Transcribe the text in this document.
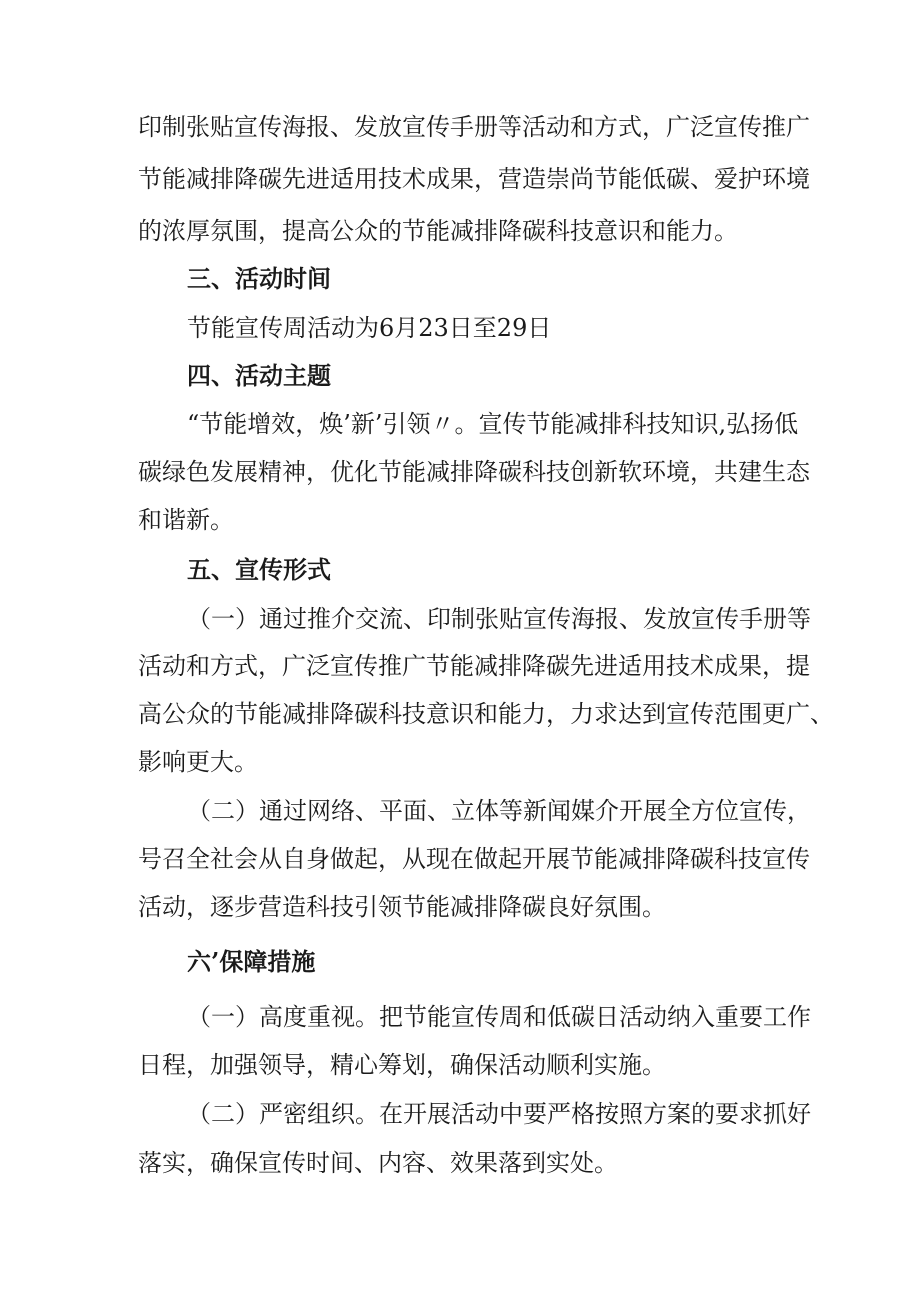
印制张贴宣传海报、发放宣传手册等活动和方式，广泛宣传推广
节能减排降碳先进适用技术成果，营造崇尚节能低碳、爱护环境
的浓厚氛围，提高公众的节能减排降碳科技意识和能力。
三、活动时间
节能宣传周活动为6月23日至29日
四、活动主题
“节能增效，焕’新’引领〃。宣传节能减排科技知识,弘扬低
碳绿色发展精神，优化节能减排降碳科技创新软环境，共建生态
和谐新。
五、宣传形式
（一）通过推介交流、印制张贴宣传海报、发放宣传手册等
活动和方式，广泛宣传推广节能减排降碳先进适用技术成果，提
高公众的节能减排降碳科技意识和能力，力求达到宣传范围更广、
影响更大。
（二）通过网络、平面、立体等新闻媒介开展全方位宣传，
号召全社会从自身做起，从现在做起开展节能减排降碳科技宣传
活动，逐步营造科技引领节能减排降碳良好氛围。
六’保障措施
（一）高度重视。把节能宣传周和低碳日活动纳入重要工作
日程，加强领导，精心筹划，确保活动顺利实施。
（二）严密组织。在开展活动中要严格按照方案的要求抓好
落实，确保宣传时间、内容、效果落到实处。
